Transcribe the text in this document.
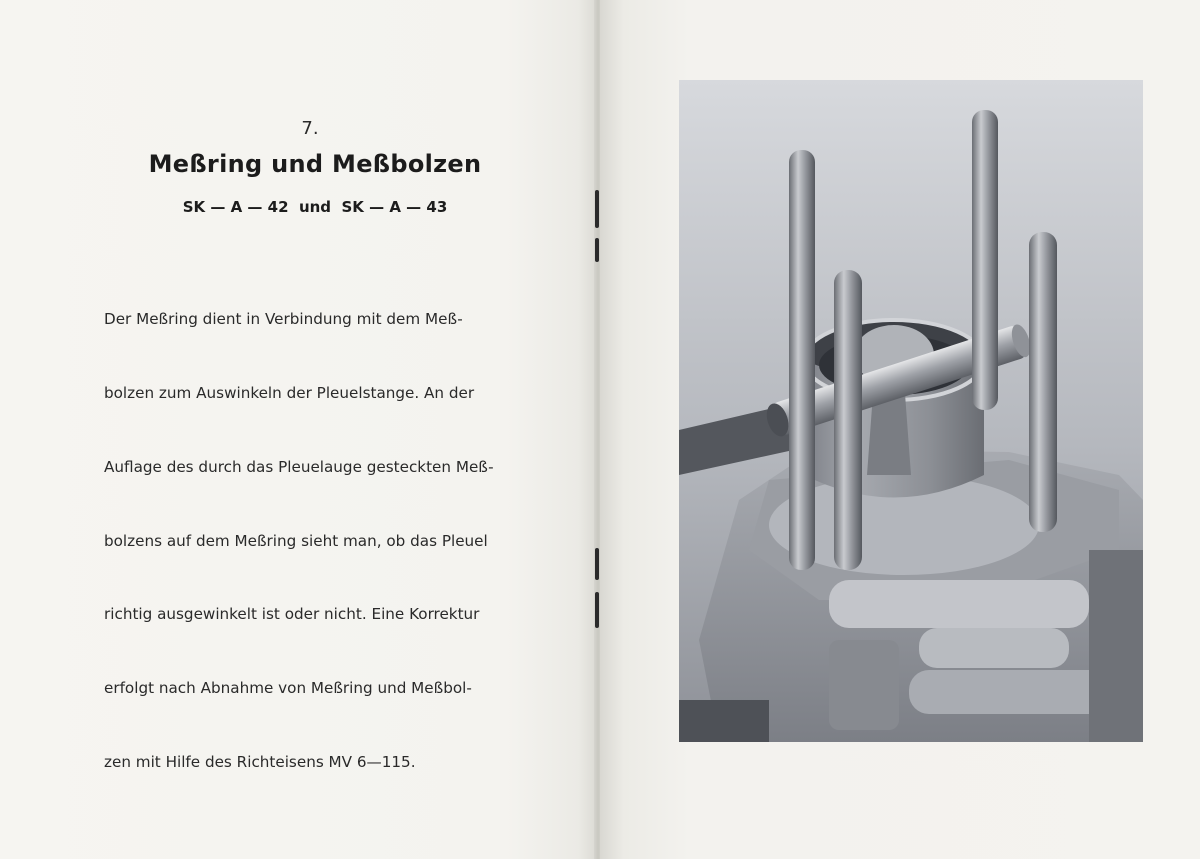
7.
Meßring und Meßbolzen
SK — A — 42  und  SK — A — 43

Der Meßring dient in Verbindung mit dem Meß-

bolzen zum Auswinkeln der Pleuelstange. An der

Auflage des durch das Pleuelauge gesteckten Meß-

bolzens auf dem Meßring sieht man, ob das Pleuel

richtig ausgewinkelt ist oder nicht. Eine Korrektur

erfolgt nach Abnahme von Meßring und Meßbol-

zen mit Hilfe des Richteisens MV 6—115.
